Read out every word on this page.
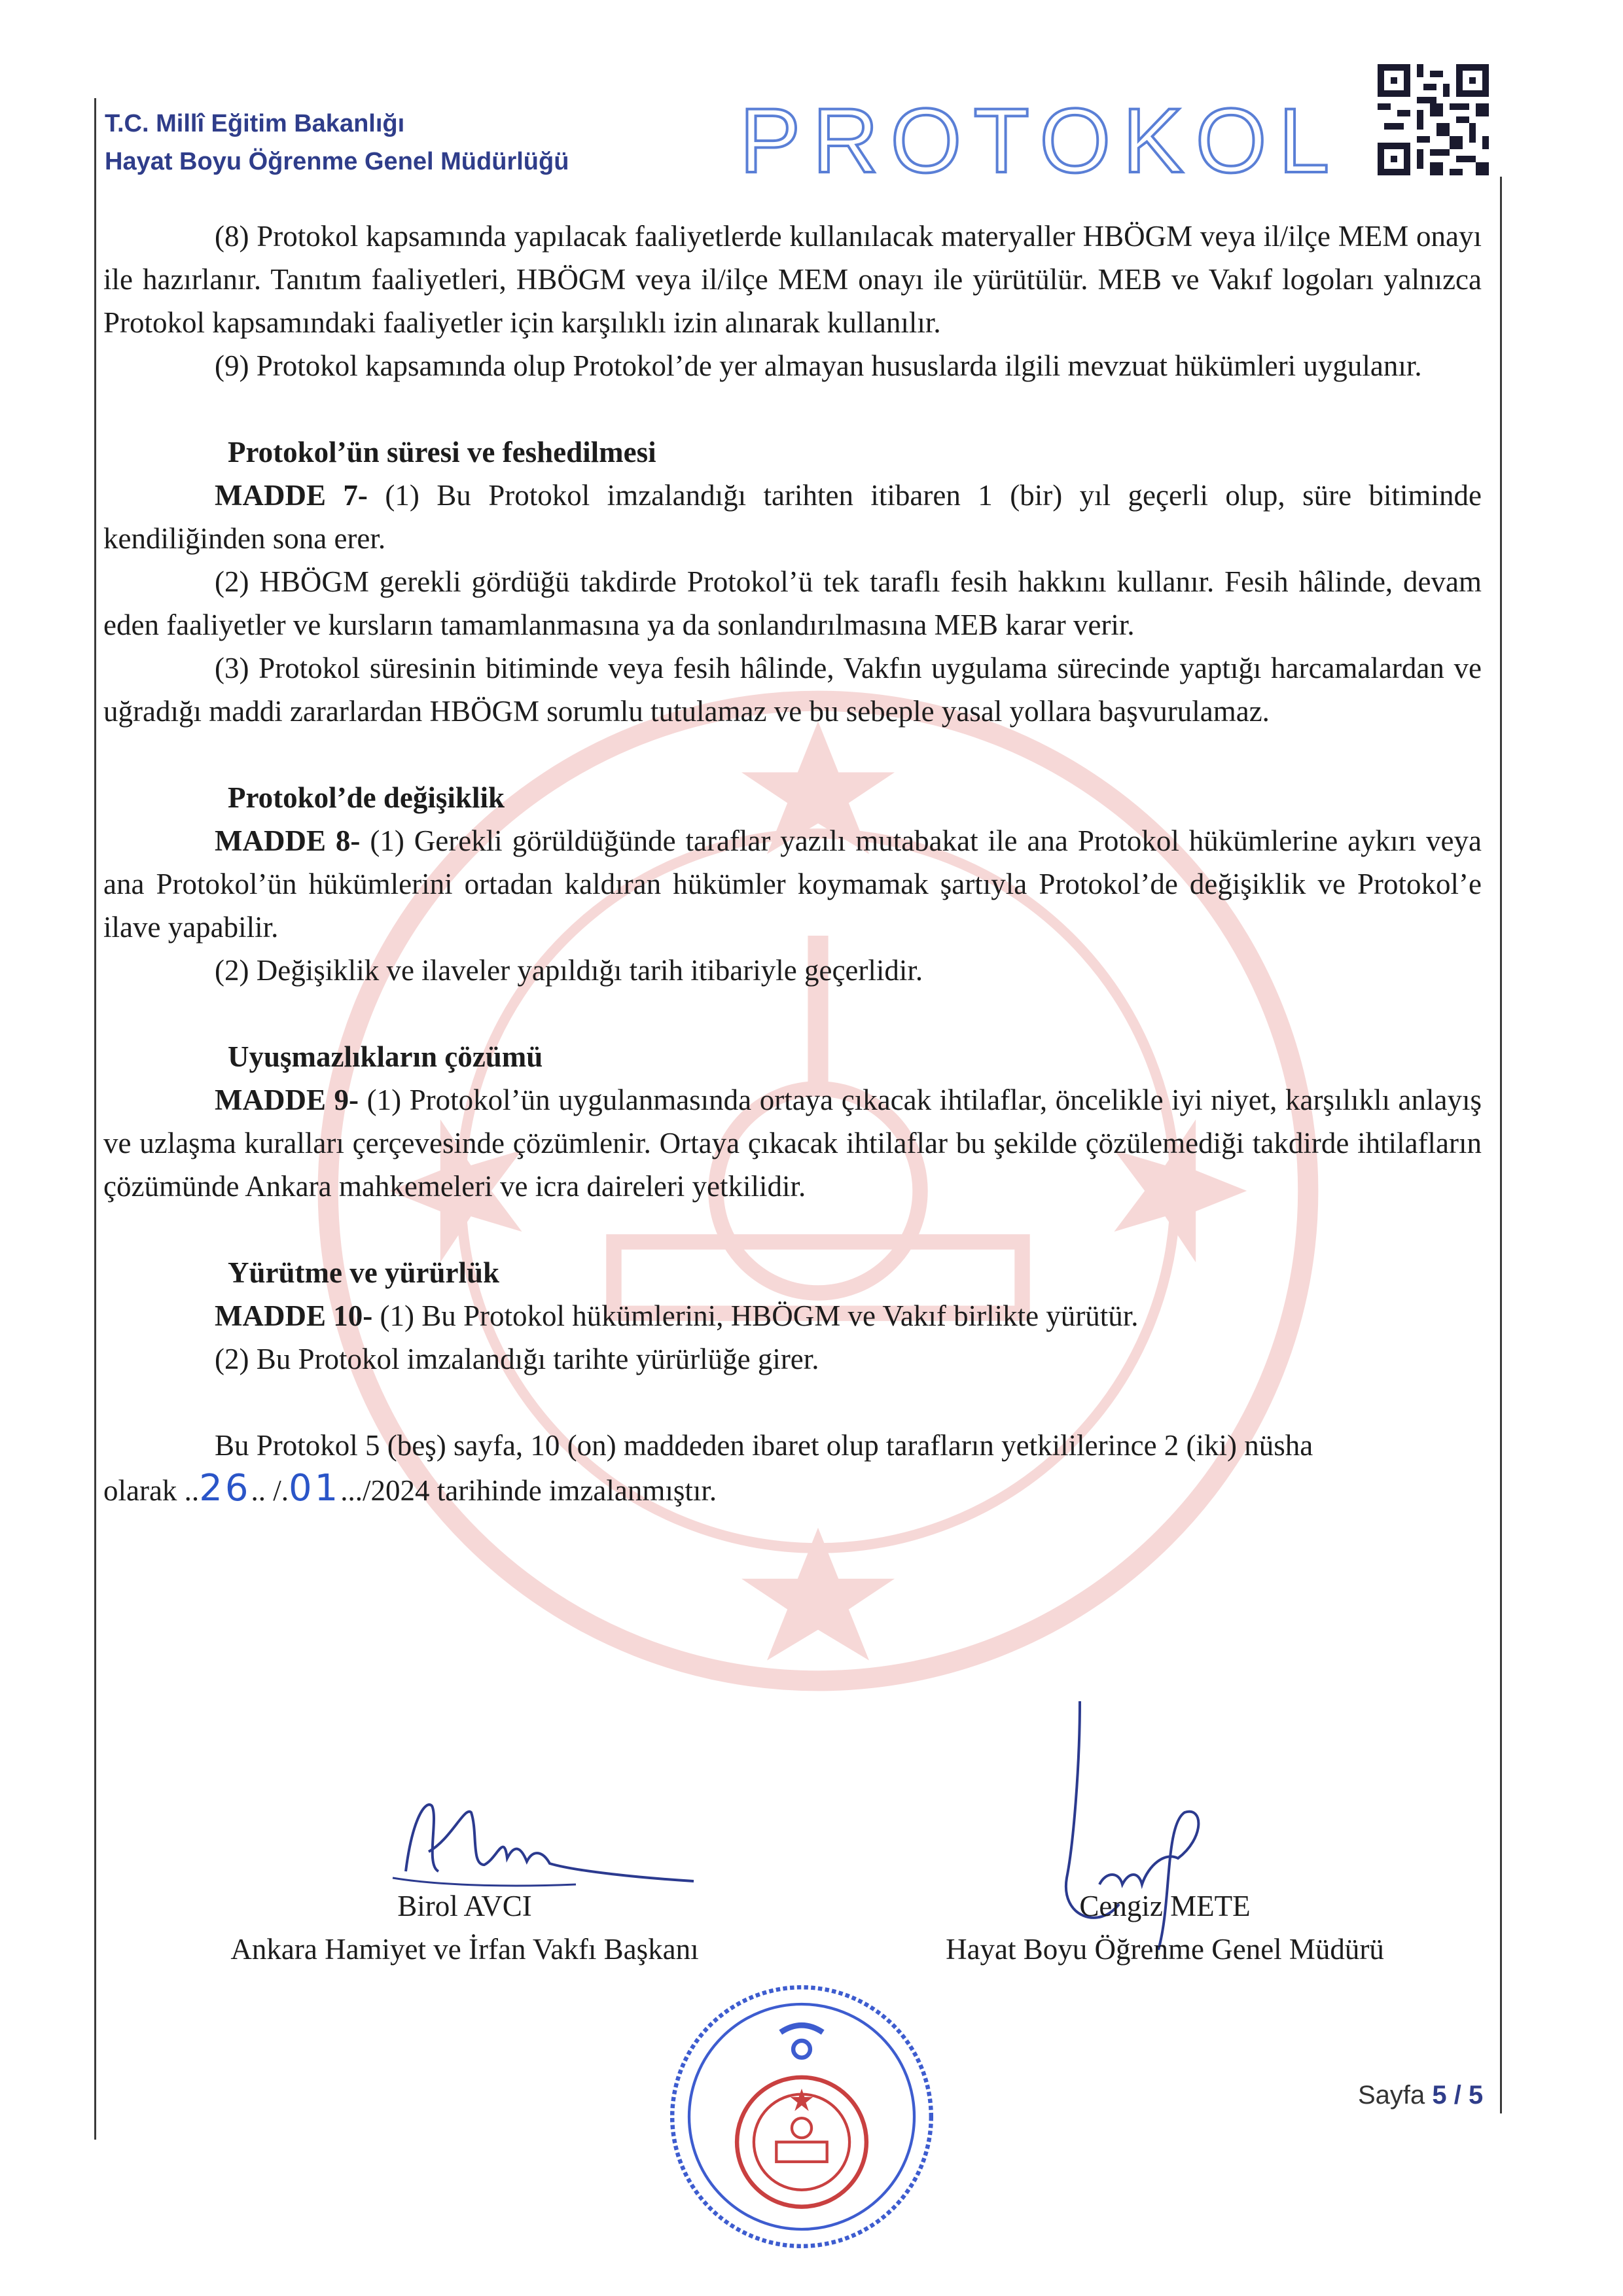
T.C. Millî Eğitim Bakanlığı
Hayat Boyu Öğrenme Genel Müdürlüğü PROTOKOL

(8) Protokol kapsamında yapılacak faaliyetlerde kullanılacak materyaller HBÖGM veya il/ilçe MEM onayı ile hazırlanır. Tanıtım faaliyetleri, HBÖGM veya il/ilçe MEM onayı ile yürütülür. MEB ve Vakıf logoları yalnızca Protokol kapsamındaki faaliyetler için karşılıklı izin alınarak kullanılır.

(9) Protokol kapsamında olup Protokol’de yer almayan hususlarda ilgili mevzuat hükümleri uygulanır.

Protokol’ün süresi ve feshedilmesi

MADDE 7- (1) Bu Protokol imzalandığı tarihten itibaren 1 (bir) yıl geçerli olup, süre bitiminde kendiliğinden sona erer.

(2) HBÖGM gerekli gördüğü takdirde Protokol’ü tek taraflı fesih hakkını kullanır. Fesih hâlinde, devam eden faaliyetler ve kursların tamamlanmasına ya da sonlandırılmasına MEB karar verir.

(3) Protokol süresinin bitiminde veya fesih hâlinde, Vakfın uygulama sürecinde yaptığı harcamalardan ve uğradığı maddi zararlardan HBÖGM sorumlu tutulamaz ve bu sebeple yasal yollara başvurulamaz.

Protokol’de değişiklik

MADDE 8- (1) Gerekli görüldüğünde taraflar yazılı mutabakat ile ana Protokol hükümlerine aykırı veya ana Protokol’ün hükümlerini ortadan kaldıran hükümler koymamak şartıyla Protokol’de değişiklik ve Protokol’e ilave yapabilir.

(2) Değişiklik ve ilaveler yapıldığı tarih itibariyle geçerlidir.

Uyuşmazlıkların çözümü

MADDE 9- (1) Protokol’ün uygulanmasında ortaya çıkacak ihtilaflar, öncelikle iyi niyet, karşılıklı anlayış ve uzlaşma kuralları çerçevesinde çözümlenir. Ortaya çıkacak ihtilaflar bu şekilde çözülemediği takdirde ihtilafların çözümünde Ankara mahkemeleri ve icra daireleri yetkilidir.

Yürütme ve yürürlük

MADDE 10- (1) Bu Protokol hükümlerini, HBÖGM ve Vakıf birlikte yürütür.

(2) Bu Protokol imzalandığı tarihte yürürlüğe girer.

Bu Protokol 5 (beş) sayfa, 10 (on) maddeden ibaret olup tarafların yetkililerince 2 (iki) nüsha

olarak ..26.. /.01.../2024 tarihinde imzalanmıştır.

Birol AVCI
Ankara Hamiyet ve İrfan Vakfı Başkanı
Cengiz METE
Hayat Boyu Öğrenme Genel Müdürü
Sayfa 5 / 5
